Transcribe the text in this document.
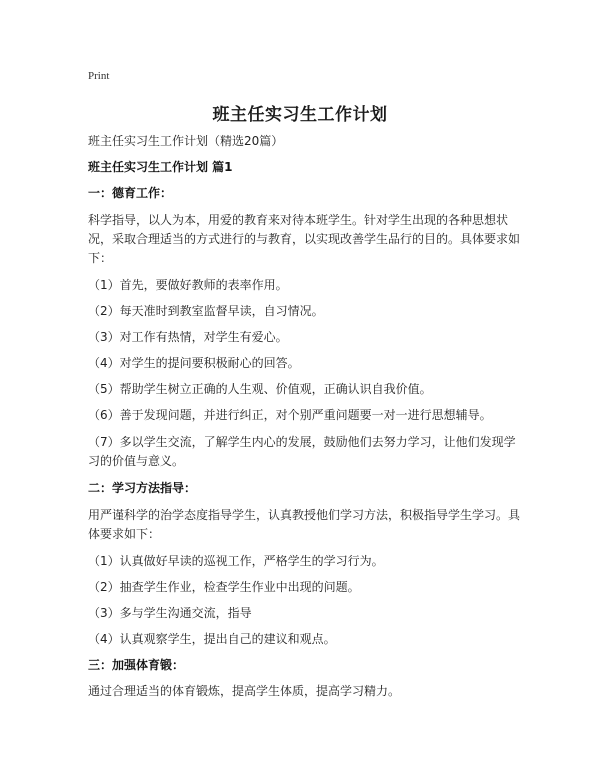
Print
班主任实习生工作计划

班主任实习生工作计划（精选20篇）

班主任实习生工作计划 篇1

一：德育工作：

科学指导，以人为本，用爱的教育来对待本班学生。针对学生出现的各种思想状况，采取合理适当的方式进行的与教育，以实现改善学生品行的目的。具体要求如下：

（1）首先，要做好教师的表率作用。

（2）每天准时到教室监督早读，自习情况。

（3）对工作有热情，对学生有爱心。

（4）对学生的提问要积极耐心的回答。

（5）帮助学生树立正确的人生观、价值观，正确认识自我价值。

（6）善于发现问题，并进行纠正，对个别严重问题要一对一进行思想辅导。

（7）多以学生交流，了解学生内心的发展，鼓励他们去努力学习，让他们发现学习的价值与意义。

二：学习方法指导：

用严谨科学的治学态度指导学生，认真教授他们学习方法，积极指导学生学习。具体要求如下：

（1）认真做好早读的巡视工作，严格学生的学习行为。

（2）抽查学生作业，检查学生作业中出现的问题。

（3）多与学生沟通交流，指导

（4）认真观察学生，提出自己的建议和观点。

三：加强体育锻：

通过合理适当的体育锻炼，提高学生体质，提高学习精力。
